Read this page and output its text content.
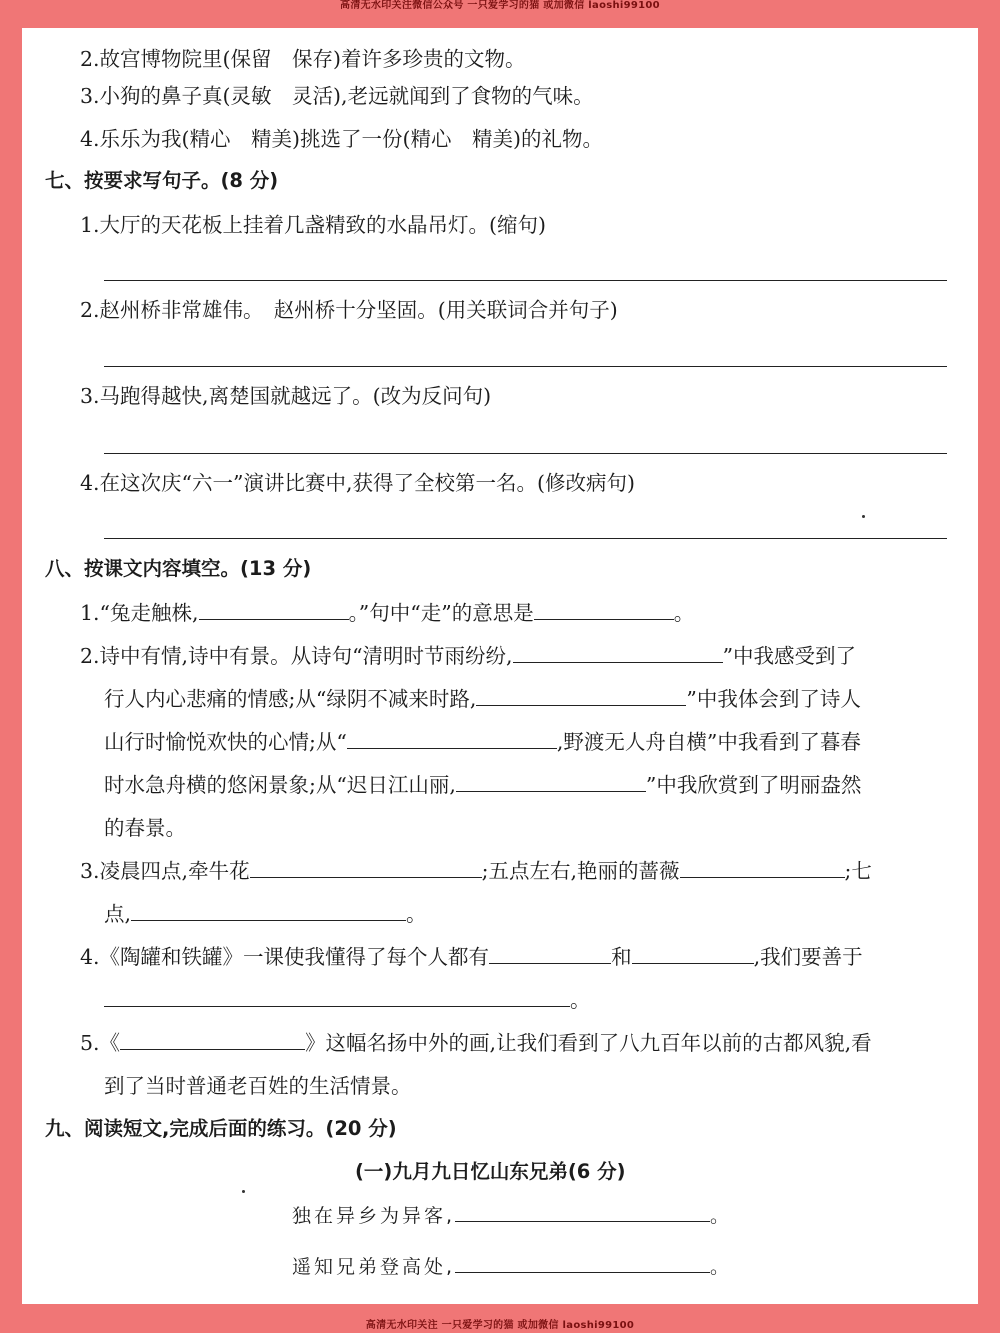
高清无水印关注微信公众号 一只爱学习的猫 或加微信 laoshi99100
2.故宫博物院里(保留　保存)着许多珍贵的文物。
3.小狗的鼻子真(灵敏　灵活),老远就闻到了食物的气味。
4.乐乐为我(精心　精美)挑选了一份(精心　精美)的礼物。
七、按要求写句子。(8 分)
1.大厅的天花板上挂着几盏精致的水晶吊灯。(缩句)
2.赵州桥非常雄伟。　赵州桥十分坚固。(用关联词合并句子)
3.马跑得越快,离楚国就越远了。(改为反问句)
4.在这次庆“六一”演讲比赛中,获得了全校第一名。(修改病句)
八、按课文内容填空。(13 分)
1.“兔走触株,	。”句中“走”的意思是	。
2.诗中有情,诗中有景。从诗句“清明时节雨纷纷,	”中我感受到了
行人内心悲痛的情感;从“绿阴不减来时路,	”中我体会到了诗人
山行时愉悦欢快的心情;从“	,野渡无人舟自横”中我看到了暮春
时水急舟横的悠闲景象;从“迟日江山丽,	”中我欣赏到了明丽盎然
的春景。
3.凌晨四点,牵牛花	;五点左右,艳丽的蔷薇	;七
点,	。
4.《陶罐和铁罐》一课使我懂得了每个人都有	和	,我们要善于
。
5.《	》这幅名扬中外的画,让我们看到了八九百年以前的古都风貌,看
到了当时普通老百姓的生活情景。
九、阅读短文,完成后面的练习。(20 分)
(一)九月九日忆山东兄弟(6 分)
独在异乡为异客,	。
遥知兄弟登高处,	。
高清无水印关注 一只爱学习的猫 或加微信 laoshi99100
